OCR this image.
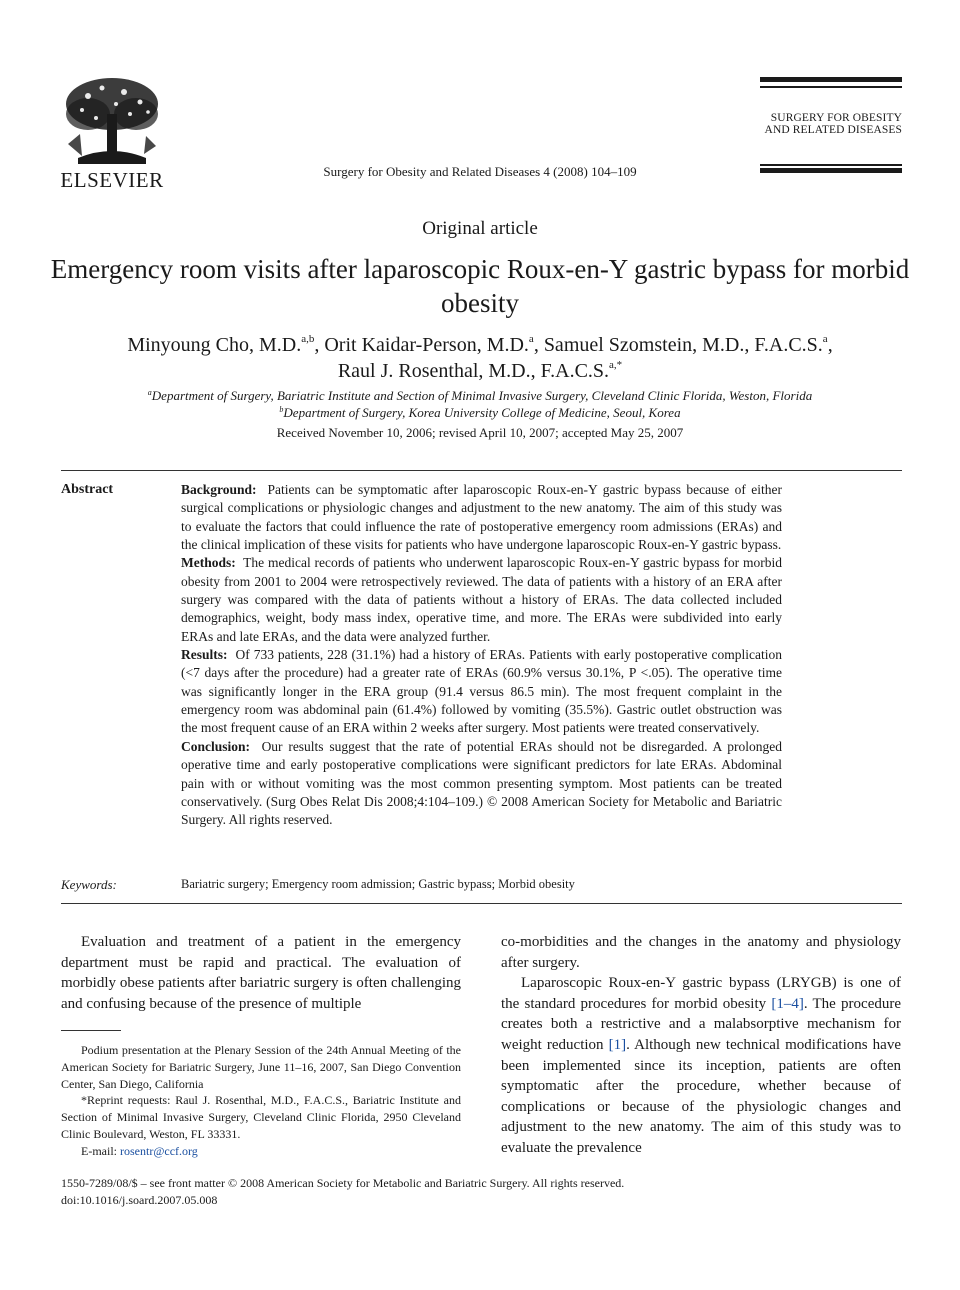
ELSEVIER	Surgery for Obesity and Related Diseases 4 (2008) 104–109
SURGERY FOR OBESITY
AND RELATED DISEASES
Original article
Emergency room visits after laparoscopic Roux-en-Y gastric bypass for morbid obesity
Minyoung Cho, M.D.$^{a,b}$, Orit Kaidar-Person, M.D.$^a$, Samuel Szomstein, M.D., F.A.C.S.$^a$,
Raul J. Rosenthal, M.D., F.A.C.S.$^{a,*}$
$^a$Department of Surgery, Bariatric Institute and Section of Minimal Invasive Surgery, Cleveland Clinic Florida, Weston, Florida
$^b$Department of Surgery, Korea University College of Medicine, Seoul, Korea
Received November 10, 2006; revised April 10, 2007; accepted May 25, 2007
Abstract	Background: Patients can be symptomatic after laparoscopic Roux-en-Y gastric bypass because of either surgical complications or physiologic changes and adjustment to the new anatomy. The aim of this study was to evaluate the factors that could influence the rate of postoperative emergency room admissions (ERAs) and the clinical implication of these visits for patients who have undergone laparoscopic Roux-en-Y gastric bypass.

Methods: The medical records of patients who underwent laparoscopic Roux-en-Y gastric bypass for morbid obesity from 2001 to 2004 were retrospectively reviewed. The data of patients with a history of an ERA after surgery was compared with the data of patients without a history of ERAs. The data collected included demographics, weight, body mass index, operative time, and more. The ERAs were subdivided into early ERAs and late ERAs, and the data were analyzed further.

Results: Of 733 patients, 228 (31.1%) had a history of ERAs. Patients with early postoperative complication (<7 days after the procedure) had a greater rate of ERAs (60.9% versus 30.1%, P <.05). The operative time was significantly longer in the ERA group (91.4 versus 86.5 min). The most frequent complaint in the emergency room was abdominal pain (61.4%) followed by vomiting (35.5%). Gastric outlet obstruction was the most frequent cause of an ERA within 2 weeks after surgery. Most patients were treated conservatively.

Conclusion: Our results suggest that the rate of potential ERAs should not be disregarded. A prolonged operative time and early postoperative complications were significant predictors for late ERAs. Abdominal pain with or without vomiting was the most common presenting symptom. Most patients can be treated conservatively. (Surg Obes Relat Dis 2008;4:104–109.) © 2008 American Society for Metabolic and Bariatric Surgery. All rights reserved.

Keywords:	Bariatric surgery; Emergency room admission; Gastric bypass; Morbid obesity

Evaluation and treatment of a patient in the emergency department must be rapid and practical. The evaluation of morbidly obese patients after bariatric surgery is often challenging and confusing because of the presence of multiple

co-morbidities and the changes in the anatomy and physiology after surgery.

Laparoscopic Roux-en-Y gastric bypass (LRYGB) is one of the standard procedures for morbid obesity [1–4]. The procedure creates both a restrictive and a malabsorptive mechanism for weight reduction [1]. Although new technical modifications have been implemented since its inception, patients are often symptomatic after the procedure, whether because of complications or because of the physiologic changes and adjustment to the new anatomy. The aim of this study was to evaluate the prevalence

Podium presentation at the Plenary Session of the 24th Annual Meeting of the American Society for Bariatric Surgery, June 11–16, 2007, San Diego Convention Center, San Diego, California

*Reprint requests: Raul J. Rosenthal, M.D., F.A.C.S., Bariatric Institute and Section of Minimal Invasive Surgery, Cleveland Clinic Florida, 2950 Cleveland Clinic Boulevard, Weston, FL 33331.

E-mail: rosentr@ccf.org

1550-7289/08/$ – see front matter © 2008 American Society for Metabolic and Bariatric Surgery. All rights reserved.
doi:10.1016/j.soard.2007.05.008
